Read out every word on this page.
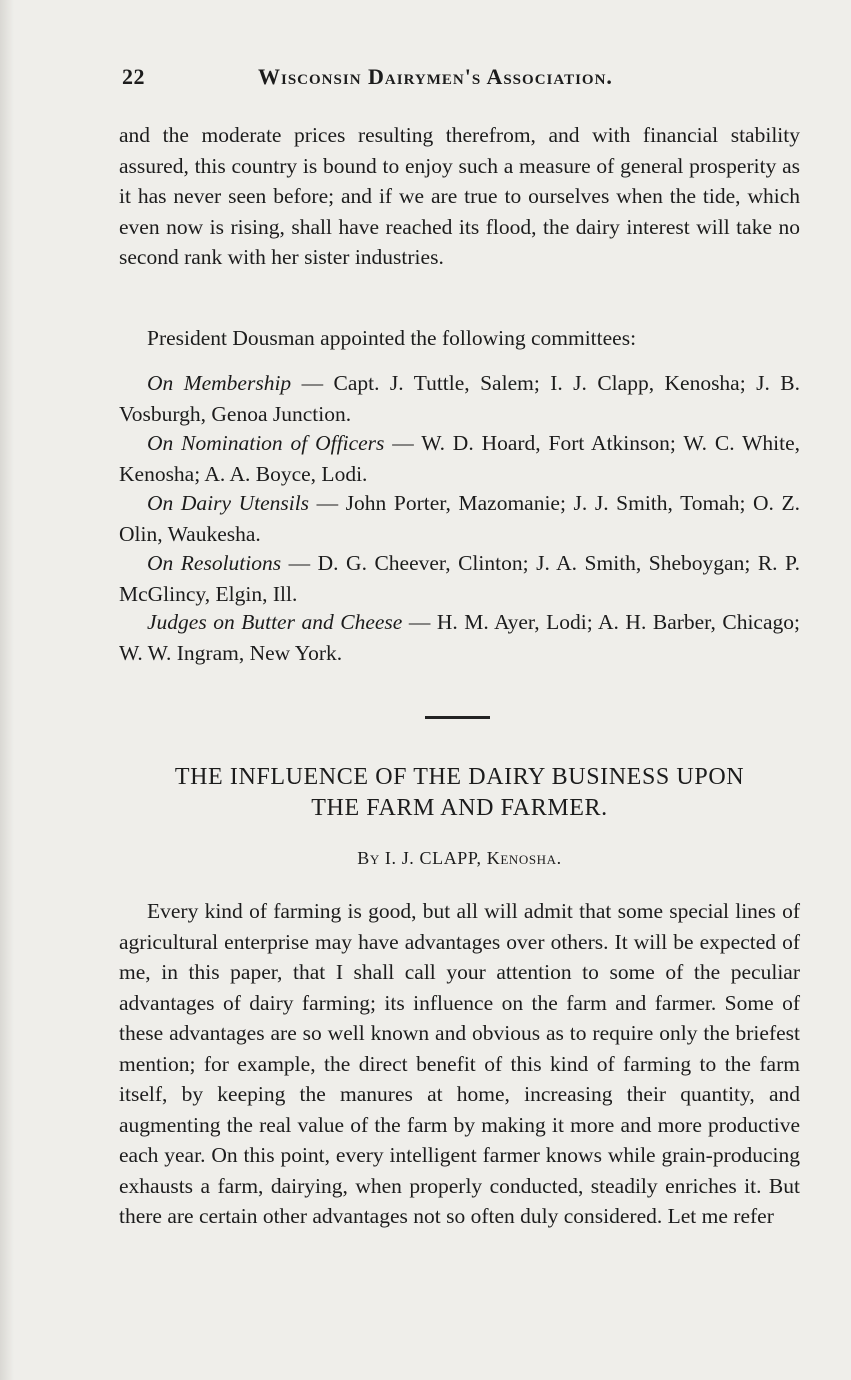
22	Wisconsin Dairymen's Association.

and the moderate prices resulting therefrom, and with financial stability assured, this country is bound to enjoy such a measure of general prosperity as it has never seen before; and if we are true to ourselves when the tide, which even now is rising, shall have reached its flood, the dairy interest will take no second rank with her sister industries.

President Dousman appointed the following committees:

On Membership — Capt. J. Tuttle, Salem; I. J. Clapp, Kenosha; J. B. Vosburgh, Genoa Junction.

On Nomination of Officers — W. D. Hoard, Fort Atkinson; W. C. White, Kenosha; A. A. Boyce, Lodi.

On Dairy Utensils — John Porter, Mazomanie; J. J. Smith, Tomah; O. Z. Olin, Waukesha.

On Resolutions — D. G. Cheever, Clinton; J. A. Smith, Sheboygan; R. P. McGlincy, Elgin, Ill.

Judges on Butter and Cheese — H. M. Ayer, Lodi; A. H. Barber, Chicago; W. W. Ingram, New York.

THE INFLUENCE OF THE DAIRY BUSINESS UPON
THE FARM AND FARMER.

By I. J. CLAPP, Kenosha.

Every kind of farming is good, but all will admit that some special lines of agricultural enterprise may have advantages over others. It will be expected of me, in this paper, that I shall call your attention to some of the peculiar advantages of dairy farming; its influence on the farm and farmer. Some of these advantages are so well known and obvious as to require only the briefest mention; for example, the direct benefit of this kind of farming to the farm itself, by keeping the manures at home, increasing their quantity, and augmenting the real value of the farm by making it more and more productive each year. On this point, every intelligent farmer knows while grain-producing exhausts a farm, dairying, when properly conducted, steadily enriches it. But there are certain other advantages not so often duly considered. Let me refer
